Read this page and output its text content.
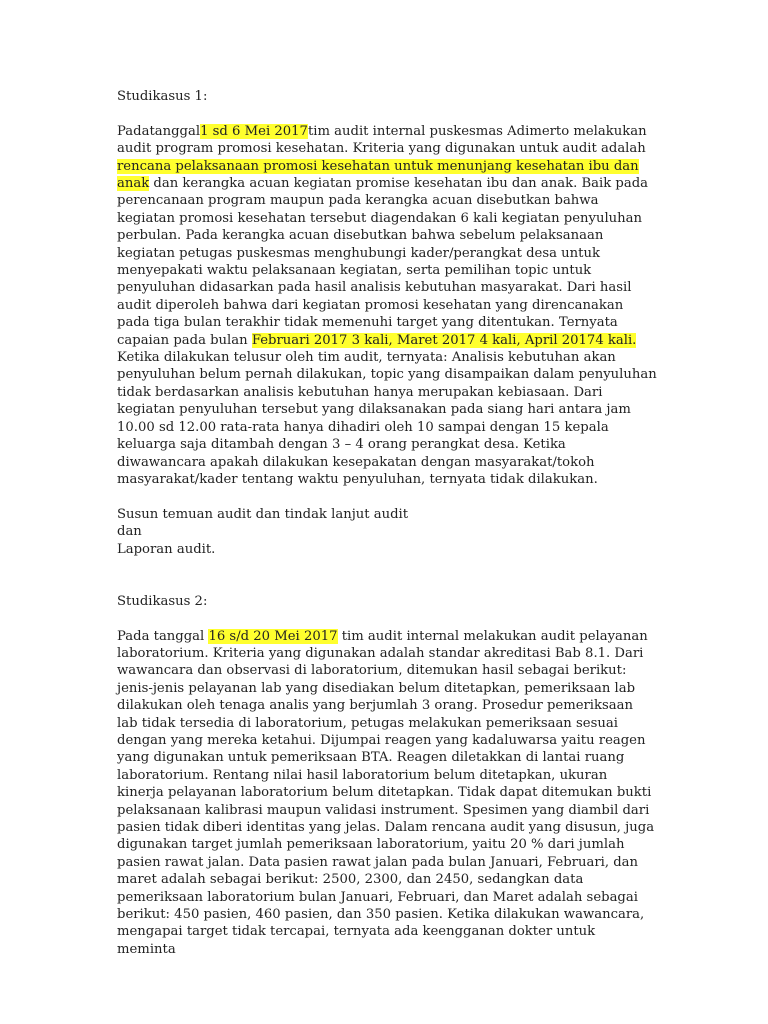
Studikasus 1:

Padatanggal1 sd 6 Mei 2017tim audit internal puskesmas Adimerto melakukan audit program promosi kesehatan. Kriteria yang digunakan untuk audit adalah rencana pelaksanaan promosi kesehatan untuk menunjang kesehatan ibu dan anak dan kerangka acuan kegiatan promise kesehatan ibu dan anak. Baik pada perencanaan program maupun pada kerangka acuan disebutkan bahwa kegiatan promosi kesehatan tersebut diagendakan 6 kali kegiatan penyuluhan perbulan. Pada kerangka acuan disebutkan bahwa sebelum pelaksanaan kegiatan petugas puskesmas menghubungi kader/perangkat desa untuk menyepakati waktu pelaksanaan kegiatan, serta pemilihan topic untuk penyuluhan didasarkan pada hasil analisis kebutuhan masyarakat. Dari hasil audit diperoleh bahwa dari kegiatan promosi kesehatan yang direncanakan pada tiga bulan terakhir tidak memenuhi target yang ditentukan. Ternyata capaian pada bulan Februari 2017 3 kali, Maret 2017 4 kali, April 20174 kali. Ketika dilakukan telusur oleh tim audit, ternyata: Analisis kebutuhan akan penyuluhan belum pernah dilakukan, topic yang disampaikan dalam penyuluhan tidak berdasarkan analisis kebutuhan hanya merupakan kebiasaan. Dari kegiatan penyuluhan tersebut yang dilaksanakan pada siang hari antara jam 10.00 sd 12.00 rata-rata hanya dihadiri oleh 10 sampai dengan 15 kepala keluarga saja ditambah dengan 3 – 4 orang perangkat desa. Ketika diwawancara apakah dilakukan kesepakatan dengan masyarakat/tokoh masyarakat/kader tentang waktu penyuluhan, ternyata tidak dilakukan.

Susun temuan audit dan tindak lanjut audit

dan

Laporan audit.

Studikasus 2:

Pada tanggal 16 s/d 20 Mei 2017 tim audit internal melakukan audit pelayanan laboratorium. Kriteria yang digunakan adalah standar akreditasi Bab 8.1. Dari wawancara dan observasi di laboratorium, ditemukan hasil sebagai berikut: jenis-jenis pelayanan lab yang disediakan belum ditetapkan, pemeriksaan lab dilakukan oleh tenaga analis yang berjumlah 3 orang. Prosedur pemeriksaan lab tidak tersedia di laboratorium, petugas melakukan pemeriksaan sesuai dengan yang mereka ketahui. Dijumpai reagen yang kadaluwarsa yaitu reagen yang digunakan untuk pemeriksaan BTA. Reagen diletakkan di lantai ruang laboratorium. Rentang nilai hasil laboratorium belum ditetapkan, ukuran kinerja pelayanan laboratorium belum ditetapkan. Tidak dapat ditemukan bukti pelaksanaan kalibrasi maupun validasi instrument. Spesimen yang diambil dari pasien tidak diberi identitas yang jelas. Dalam rencana audit yang disusun, juga digunakan target jumlah pemeriksaan laboratorium, yaitu 20 % dari jumlah pasien rawat jalan. Data pasien rawat jalan pada bulan Januari, Februari, dan maret adalah sebagai berikut: 2500, 2300, dan 2450, sedangkan data pemeriksaan laboratorium bulan Januari, Februari, dan Maret adalah sebagai berikut: 450 pasien, 460 pasien, dan 350 pasien. Ketika dilakukan wawancara, mengapai target tidak tercapai, ternyata ada keengganan dokter untuk meminta
